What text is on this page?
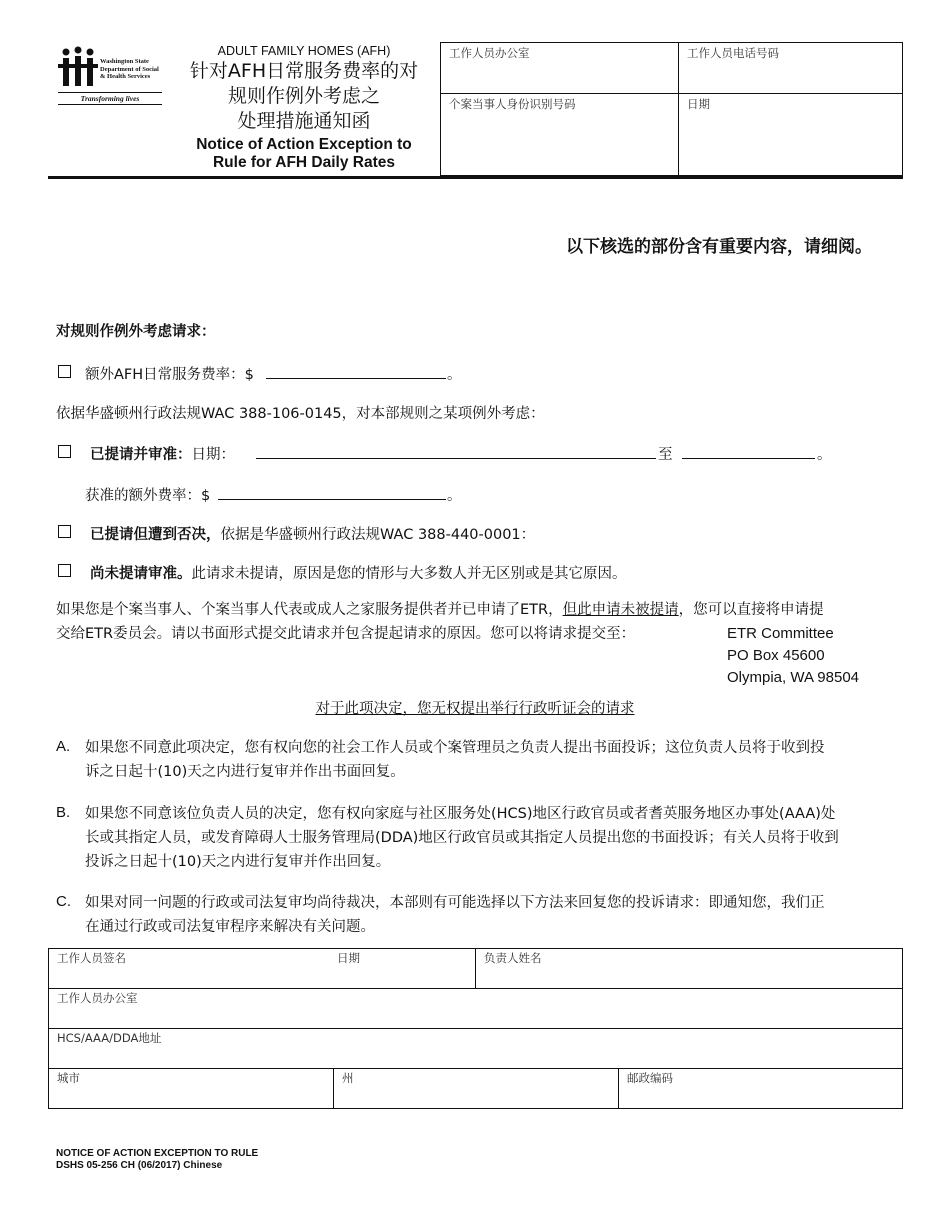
Washington State
Department of Social
& Health Services
Transforming lives
ADULT FAMILY HOMES (AFH)
针对AFH日常服务费率的对
规则作例外考虑之
处理措施通知函
Notice of Action Exception to
Rule for AFH Daily Rates
工作人员办公室	工作人员电话号码
个案当事人身份识别号码	日期
以下核选的部份含有重要内容，请细阅。
对规则作例外考虑请求：
额外AFH日常服务费率：$	。
依据华盛顿州行政法规WAC 388-106-0145，对本部规则之某项例外考虑：
已提请并审准：日期：	至	。
获准的额外费率：$	。
已提请但遭到否决，依据是华盛顿州行政法规WAC 388-440-0001：
尚未提请审准。此请求未提请，原因是您的情形与大多数人并无区别或是其它原因。
如果您是个案当事人、个案当事人代表或成人之家服务提供者并已申请了ETR，但此申请未被提请，您可以直接将申请提
交给ETR委员会。请以书面形式提交此请求并包含提起请求的原因。您可以将请求提交至：	ETR Committee
PO Box 45600
Olympia, WA 98504
对于此项决定，您无权提出举行行政听证会的请求
A. 如果您不同意此项决定，您有权向您的社会工作人员或个案管理员之负责人提出书面投诉；这位负责人员将于收到投
诉之日起十(10)天之内进行复审并作出书面回复。
B. 如果您不同意该位负责人员的决定，您有权向家庭与社区服务处(HCS)地区行政官员或者耆英服务地区办事处(AAA)处
长或其指定人员，或发育障碍人士服务管理局(DDA)地区行政官员或其指定人员提出您的书面投诉；有关人员将于收到
投诉之日起十(10)天之内进行复审并作出回复。
C. 如果对同一问题的行政或司法复审均尚待裁决，本部则有可能选择以下方法来回复您的投诉请求：即通知您，我们正
在通过行政或司法复审程序来解决有关问题。
工作人员签名	日期	负责人姓名
工作人员办公室
HCS/AAA/DDA地址
城市	州	邮政编码
NOTICE OF ACTION EXCEPTION TO RULE
DSHS 05-256 CH (06/2017) Chinese
